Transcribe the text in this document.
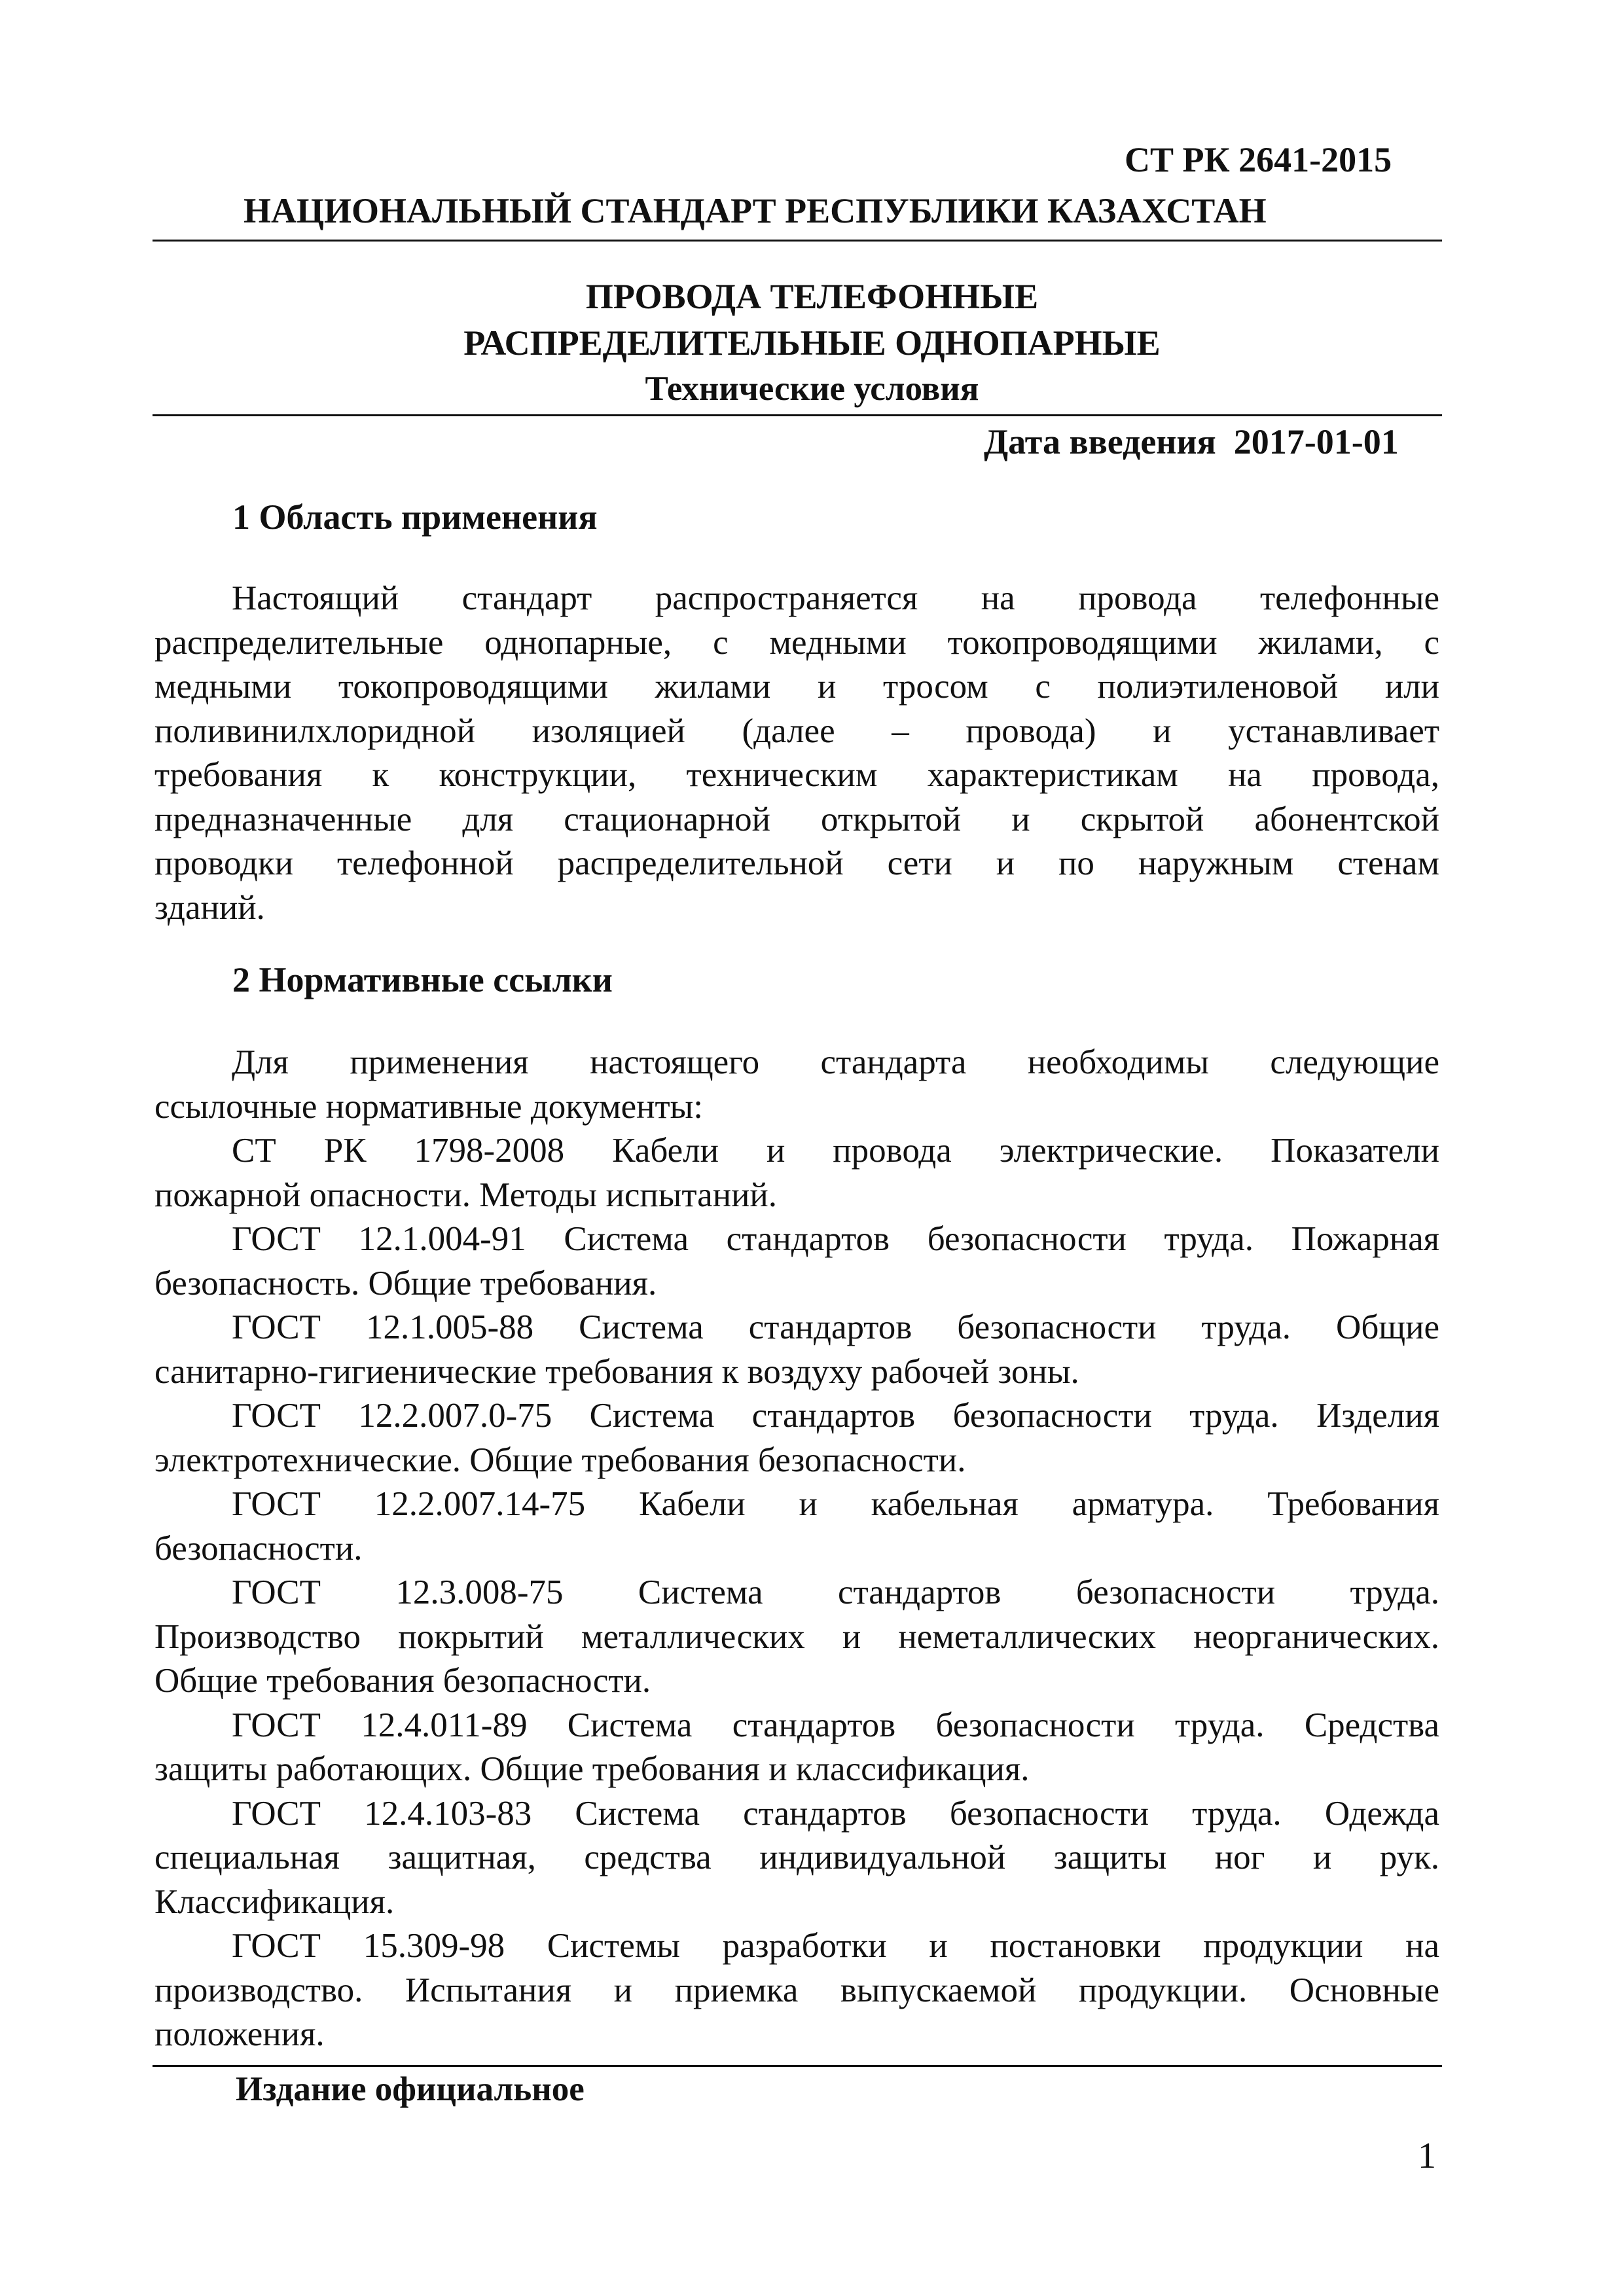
СТ РК 2641-2015
НАЦИОНАЛЬНЫЙ СТАНДАРТ РЕСПУБЛИКИ КАЗАХСТАН
ПРОВОДА ТЕЛЕФОННЫЕ
РАСПРЕДЕЛИТЕЛЬНЫЕ ОДНОПАРНЫЕ
Технические условия
Дата введения  2017-01-01
1 Область применения
Настоящий стандарт распространяется на провода телефонные
распределительные однопарные, с медными токопроводящими жилами, с
медными токопроводящими жилами и тросом с полиэтиленовой или
поливинилхлоридной изоляцией (далее – провода) и устанавливает
требования к конструкции, техническим характеристикам на провода,
предназначенные для стационарной открытой и скрытой абонентской
проводки телефонной распределительной сети и по наружным стенам
зданий.
2 Нормативные ссылки
Для применения настоящего стандарта необходимы следующие
ссылочные нормативные документы:
СТ РК 1798-2008 Кабели и провода электрические. Показатели
пожарной опасности. Методы испытаний.
ГОСТ 12.1.004-91 Система стандартов безопасности труда. Пожарная
безопасность. Общие требования.
ГОСТ 12.1.005-88 Система стандартов безопасности труда. Общие
санитарно-гигиенические требования к воздуху рабочей зоны.
ГОСТ 12.2.007.0-75 Система стандартов безопасности труда. Изделия
электротехнические. Общие требования безопасности.
ГОСТ 12.2.007.14-75 Кабели и кабельная арматура. Требования
безопасности.
ГОСТ 12.3.008-75 Система стандартов безопасности труда.
Производство покрытий металлических и неметаллических неорганических.
Общие требования безопасности.
ГОСТ 12.4.011-89 Система стандартов безопасности труда. Средства
защиты работающих. Общие требования и классификация.
ГОСТ 12.4.103-83 Система стандартов безопасности труда. Одежда
специальная защитная, средства индивидуальной защиты ног и рук.
Классификация.
ГОСТ 15.309-98 Системы разработки и постановки продукции на
производство. Испытания и приемка выпускаемой продукции. Основные
положения.
Издание официальное
1
